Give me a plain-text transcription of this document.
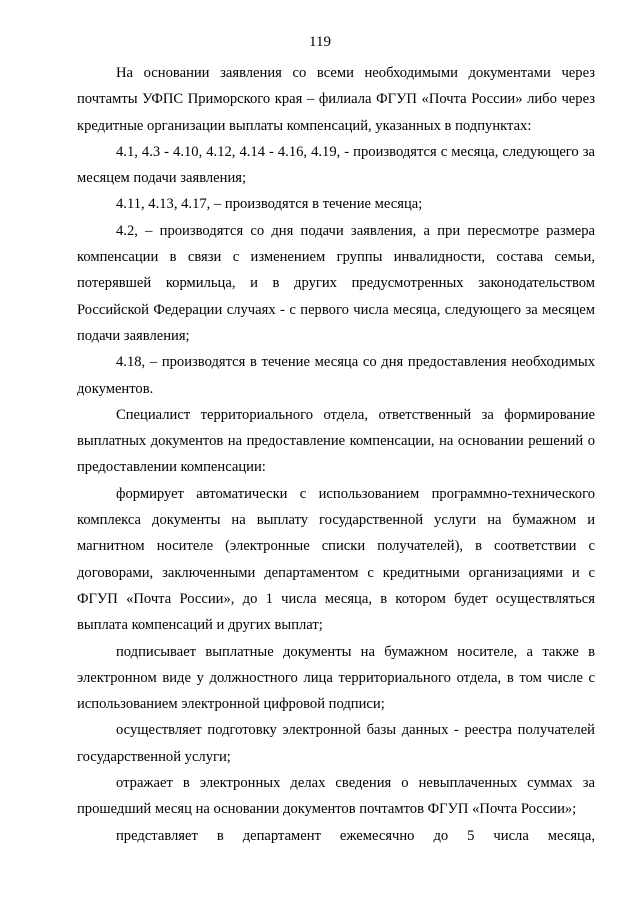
119

На основании заявления со всеми необходимыми документами через почтамты УФПС Приморского края – филиала ФГУП «Почта России» либо через кредитные организации выплаты компенсаций, указанных в подпунктах:

4.1, 4.3 - 4.10, 4.12, 4.14 - 4.16, 4.19, - производятся с месяца, следующего за месяцем подачи заявления;

4.11, 4.13, 4.17, – производятся в течение месяца;

4.2, – производятся со дня подачи заявления, а при пересмотре размера компенсации в связи с изменением группы инвалидности, состава семьи, потерявшей кормильца, и в других предусмотренных законодательством Российской Федерации случаях - с первого числа месяца, следующего за месяцем подачи заявления;

4.18, – производятся в течение месяца со дня предоставления необходимых документов.

Специалист территориального отдела, ответственный за формирование выплатных документов на предоставление компенсации, на основании решений о предоставлении компенсации:

формирует автоматически с использованием программно-технического комплекса документы на выплату государственной услуги на бумажном и магнитном носителе (электронные списки получателей), в соответствии с договорами, заключенными департаментом с кредитными организациями и с ФГУП «Почта России», до 1 числа месяца, в котором будет осуществляться выплата компенсаций и других выплат;

подписывает выплатные документы на бумажном носителе, а также в электронном виде у должностного лица территориального отдела, в том числе с использованием электронной цифровой подписи;

осуществляет подготовку электронной базы данных - реестра получателей государственной услуги;

отражает в электронных делах сведения о невыплаченных суммах за прошедший месяц на основании документов почтамтов ФГУП «Почта России»;

представляет в департамент ежемесячно до 5 числа месяца,
